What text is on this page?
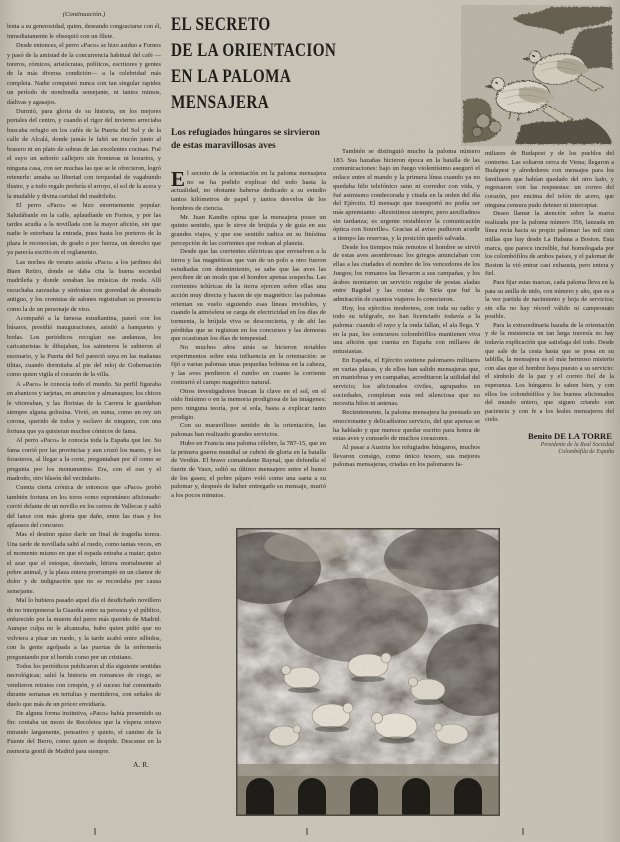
(Continuación.)

lenta a su generosidad, quien, deseando congraciarse con él, inmediatamente le obsequió con un filete.

Desde entonces, el perro «Paco» se hizo asiduo a Fornos y pasó de la amistad de la concurrencia habitual del café —toreros, cómicos, aristócratas, políticos, escritores y gentes de la más diversa condición— a la celebridad más completa. Nadie conquistó nunca con tan singular rapidez un período de nombradía semejante, ni tantos mimos, dádivas y agasajos.

Durmió, para gloria de su historia, en los mejores portales del centro, y cuando el rigor del invierno arreciaba buscaba refugio en los cafés de la Puerta del Sol y de la calle de Alcalá, donde jamás le faltó un rincón junto al brasero ni un plato de sobras de las excelentes cocinas. Fué el suyo un señorío callejero sin fronteras ni horarios, y ninguna casa, con ser muchas las que se le ofrecieron, logró retenerle: amaba su libertad con terquedad de vagabundo ilustre, y a todo regalo prefería el arroyo, el sol de la acera y la mudable y divina caridad del madrileño.

El perro «Paco» se hizo enormemente popular. Saludábanle en la calle, aplaudíanle en Fornos, y por las tardes acudía a la novillada con la mayor afición, sin que nadie le estorbara la entrada, pues hasta los porteros de la plaza le reconocían, de grado o por fuerza, un derecho que ya parecía escrito en el reglamento.

Las noches de verano asistía «Paco» a los jardines del Buen Retiro, donde se daba cita la buena sociedad madrileña y donde sonaban las músicas de moda. Allí escuchaba zarzuelas y sinfonías con gravedad de abonado antiguo, y los cronistas de salones registraban su presencia como la de un personaje de viso.

Acompañó a la famosa estudiantina, paseó con los húsares, presidió inauguraciones, asistió a banquetes y bodas. Los periódicos recogían sus andanzas, los caricaturistas le dibujaban, los saineteros le subieron al escenario, y la Puerta del Sol pareció suya en las mañanas tibias, cuando dormitaba al pie del reloj de Gobernación como quien vigila el corazón de la villa.

A «Paco» le conocía todo el mundo. Su perfil figuraba en abanicos y tarjetas, en anuncios y almanaques; los chicos le vitoreaban, y las floristas de la Carrera le guardaban siempre alguna golosina. Vivió, en suma, como un rey sin corona, querido de todos y esclavo de ninguno, con una fortuna que ya quisieran muchos cómicos de fama.

Al perro «Paco» le conocía toda la España que lee. Su fama corrió por las provincias y aun cruzó los mares, y los forasteros, al llegar a la corte, preguntaban por él como se pregunta por los monumentos. Era, con el oso y el madroño, otro blasón del vecindario.

Cuenta cierta crónica de entonces que «Paco» probó también fortuna en los toros como espontáneo aficionado: corrió delante de un novillo en los cerros de Vallecas y salió del lance con más gloria que daño, entre las risas y los aplausos del concurso.

Mas el destino quiso darle un final de tragedia torera. Una tarde de novillada saltó al ruedo, como tantas veces, en el momento mismo en que el espada entraba a matar; quiso el azar que el estoque, desviado, hiriera mortalmente al pobre animal, y la plaza entera prorrumpió en un clamor de dolor y de indignación que no se recordaba por causa semejante.

Mal lo hubiera pasado aquel día el desdichado novillero de no interponerse la Guardia entre su persona y el público, enfurecido por la muerte del perro más querido de Madrid. Aunque culpa no le alcanzaba, hubo quien pidió que no volviera a pisar un ruedo, y la tarde acabó entre silbidos, con la gente agolpada a las puertas de la enfermería preguntando por el herido como por un cristiano.

Todos los periódicos publicaron al día siguiente sentidas necrológicas; salió la historia en romances de ciego, se vendieron retratos con crespón, y el suceso fué comentado durante semanas en tertulias y mentideros, con señales de duelo que más de un prócer envidiaría.

De alguna forma instintiva, «Paco» había presentido su fin: contaba un mozo de Recoletos que la víspera estuvo mirando largamente, pensativo y quieto, el camino de la Fuente del Berro, como quien se despide. Descanse en la memoria gentil de Madrid para siempre.

A. R.
EL SECRETO
DE LA ORIENTACION
EN LA PALOMA
MENSAJERA
Los refugiados húngaros se sirvieron de estas maravillosas aves

El secreto de la orientación en la paloma mensajera no se ha podido explicar del todo hasta la actualidad, no obstante haberse dedicado a su estudio tantos kilómetros de papel y tantos desvelos de los hombres de ciencia.

Mr. Juan Kandin opina que la mensajera posee un quinto sentido, que le sirve de brújula y de guía en sus grandes viajes, y que ese sentido radica en su finísima percepción de las corrientes que rodean al planeta.

Desde que las corrientes eléctricas que envuelven a la tierra y las magnéticas que van de un polo a otro fueron estudiadas con detenimiento, se sabe que las aves las perciben de un modo que el hombre apenas sospecha. Las corrientes telúricas de la tierra ejercen sobre ellas una acción muy directa y hacen de eje magnético: las palomas orientan su vuelo siguiendo esas líneas invisibles, y cuando la atmósfera se carga de electricidad en los días de tormenta, la brújula viva se desconcierta, y de ahí las pérdidas que se registran en los concursos y las demoras que ocasionan los días de tempestad.

No muchos años atrás se hicieron notables experimentos sobre esta influencia en la orientación: se fijó a varias palomas unas pequeñas bobinas en la cabeza, y las aves perdieron el rumbo en cuanto la corriente contrarió el campo magnético natural.

Otros investigadores buscan la clave en el sol, en el oído finísimo o en la memoria prodigiosa de las imágenes; pero ninguna teoría, por sí sola, basta a explicar tanto prodigio.

Con su maravilloso sentido de la orientación, las palomas han realizado grandes servicios.

Hubo en Francia una paloma célebre, la 787-15, que en la primera guerra mundial se cubrió de gloria en la batalla de Verdún. El bravo comandante Raynal, que defendía el fuerte de Vaux, soltó su último mensajero entre el humo de los gases; el pobre pájaro voló como una saeta a su palomar y, después de haber entregado su mensaje, murió a los pocos minutos.

También se distinguió mucho la paloma número 183. Sus hazañas hicieron época en la batalla de las comunicaciones: bajo un fuego violentísimo aseguró el enlace entre el mando y la primera línea cuando ya no quedaba hilo telefónico sano ni corredor con vida, y fué asimismo condecorada y citada en la orden del día del Ejército. El mensaje que transportó no podía ser más apremiante: «Resistimos siempre, pero auxiliadnos sin tardanza; es urgente restablecer la comunicación óptica con Souville». Gracias al aviso pudieron acudir a tiempo las reservas, y la posición quedó salvada.

Desde los tiempos más remotos el hombre se sirvió de estas aves asombrosas: los griegos anunciaban con ellas a las ciudades el nombre de los vencedores de los Juegos; los romanos las llevaron a sus campañas, y los árabes montaron un servicio regular de postas aladas entre Bagdad y las costas de Siria que fué la admiración de cuantos viajeros lo conocieron.

Hoy, los ejércitos modernos, con toda su radio y todo su telégrafo, no han licenciado todavía a la paloma: cuando el rayo y la onda fallan, el ala llega. Y en la paz, los concursos colombófilos mantienen viva una afición que cuenta en España con millares de entusiastas.

En España, el Ejército sostiene palomares militares en varias plazas, y de ellos han salido mensajeras que, en maniobras y en campañas, acreditaron la utilidad del servicio; los aficionados civiles, agrupados en sociedades, completan esta red silenciosa que no necesita hilos ni antenas.

Recientemente, la paloma mensajera ha prestado un emocionante y delicadísimo servicio, del que apenas se ha hablado y que merece quedar escrito para honra de estas aves y consuelo de muchos corazones.

Al pasar a Austria los refugiados húngaros, muchos llevaron consigo, como único tesoro, sus mejores palomas mensajeras, criadas en los palomares fa-

miliares de Budapest y de los pueblos del contorno. Las soltaron cerca de Viena; llegaron a Budapest y alrededores con mensajes para los familiares que habían quedado del otro lado, y regresaron con las respuestas: un correo del corazón, por encima del telón de acero, que ninguna censura pudo detener ni interceptar.

Deseo llamar la atención sobre la marca realizada por la paloma número 356, lanzada en línea recta hacia su propio palomar: las mil cien millas que hay desde La Habana a Boston. Esta marca, que parece increíble, fué homologada por los colombófilos de ambos países, y el palomar de Boston la vió entrar casi exhausta, pero entera y fiel.

Para fijar estas marcas, cada paloma lleva en la pata su anilla de nido, con número y año, que es a la vez partida de nacimiento y hoja de servicios; sin ella no hay récord válido ni campeonato posible.

Para la extraordinaria hazaña de la orientación y de la resistencia en tan larga travesía no hay todavía explicación que satisfaga del todo. Desde que sale de la cesta hasta que se posa en su tablilla, la mensajera es el más hermoso misterio con alas que el hombre haya puesto a su servicio: el símbolo de la paz y el correo fiel de la esperanza. Los húngaros lo saben bien, y con ellos los colombófilos y los buenos aficionados del mundo entero, que siguen criando con paciencia y con fe a los leales mensajeros del cielo.

Benito DE LA TORRE
Presidente de la Real Sociedad
Colombófila de España
